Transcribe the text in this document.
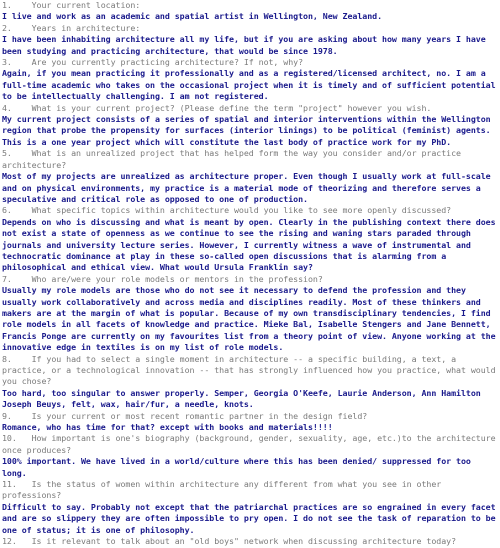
1.    Your current location:
I live and work as an academic and spatial artist in Wellington, New Zealand.
2.    Years in architecture:
I have been inhabiting architecture all my life, but if you are asking about how many years I have been studying and practicing architecture, that would be since 1978.
3.    Are you currently practicing architecture? If not, why?
Again, if you mean practicing it professionally and as a registered/licensed architect, no. I am a full-time academic who takes on the occasional project when it is timely and of sufficient potential to be intellectually challenging. I am not registered.
4.    What is your current project? (Please define the term "project" however you wish.
My current project consists of a series of spatial and interior interventions within the Wellington region that probe the propensity for surfaces (interior linings) to be political (feminist) agents. This is a one year project which will constitute the last body of practice work for my PhD.
5.    What is an unrealized project that has helped form the way you consider and/or practice architecture?
Most of my projects are unrealized as architecture proper. Even though I usually work at full-scale and on physical environments, my practice is a material mode of theorizing and therefore serves a speculative and critical role as opposed to one of production.
6.    What specific topics within architecture would you like to see more openly discussed?
Depends on who is discussing and what is meant by open. Clearly in the publishing context there does not exist a state of openness as we continue to see the rising and waning stars paraded through journals and university lecture series. However, I currently witness a wave of instrumental and technocratic dominance at play in these so-called open discussions that is alarming from a philosophical and ethical view. What would Ursula Franklin say?
7.    Who are/were your role models or mentors in the profession?
Usually my role models are those who do not see it necessary to defend the profession and they usually work collaboratively and across media and disciplines readily. Most of these thinkers and makers are at the margin of what is popular. Because of my own transdisciplinary tendencies, I find role models in all facets of knowledge and practice. Mieke Bal, Isabelle Stengers and Jane Bennett, Francis Ponge are currently on my favourites list from a theory point of view. Anyone working at the innovative edge in textiles is on my list of role models.
8.    If you had to select a single moment in architecture -- a specific building, a text, a practice, or a technological innovation -- that has strongly influenced how you practice, what would you chose?
Too hard, too singular to answer properly. Semper, Georgia O'Keefe, Laurie Anderson, Ann Hamilton Joseph Beuys, felt, wax, hair/fur, a needle, knots.
9.    Is your current or most recent romantic partner in the design field?
Romance, who has time for that? except with books and materials!!!!
10.   How important is one's biography (background, gender, sexuality, age, etc.)to the architecture once produces?
100% important. We have lived in a world/culture where this has been denied/ suppressed for too long.
11.   Is the status of women within architecture any different from what you see in other professions?
Difficult to say. Probably not except that the patriarchal practices are so engrained in every facet and are so slippery they are often impossible to pry open. I do not see the task of reparation to be one of status; it is one of philosophy.
12.   Is it relevant to talk about an "old boys" network when discussing architecture today?
